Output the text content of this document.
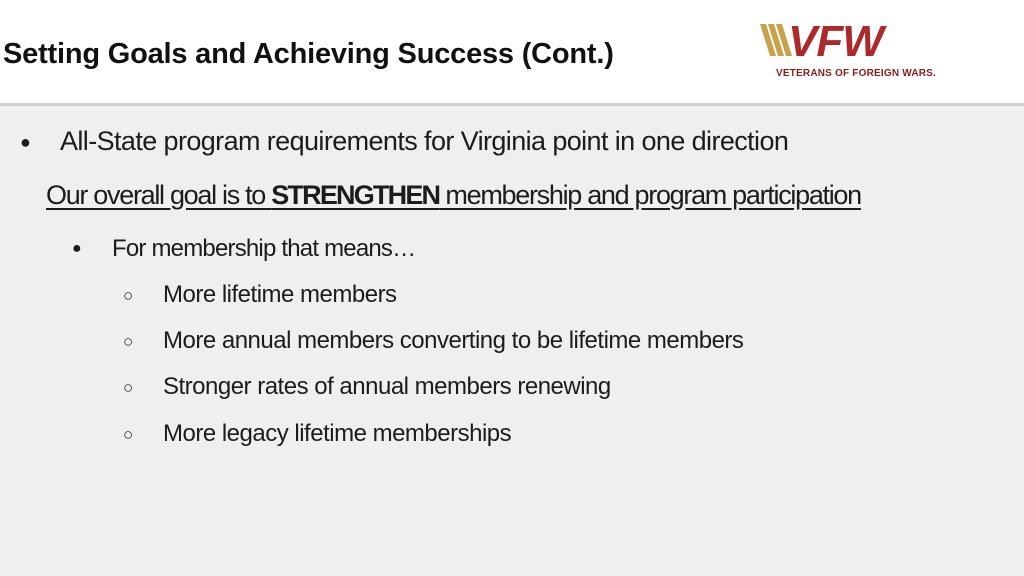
Setting Goals and Achieving Success (Cont.)	VFW
VETERANS OF FOREIGN WARS.
● All-State program requirements for Virginia point in one direction
Our overall goal is to STRENGTHEN membership and program participation
● For membership that means…
○ More lifetime members
○ More annual members converting to be lifetime members
○ Stronger rates of annual members renewing
○ More legacy lifetime memberships
